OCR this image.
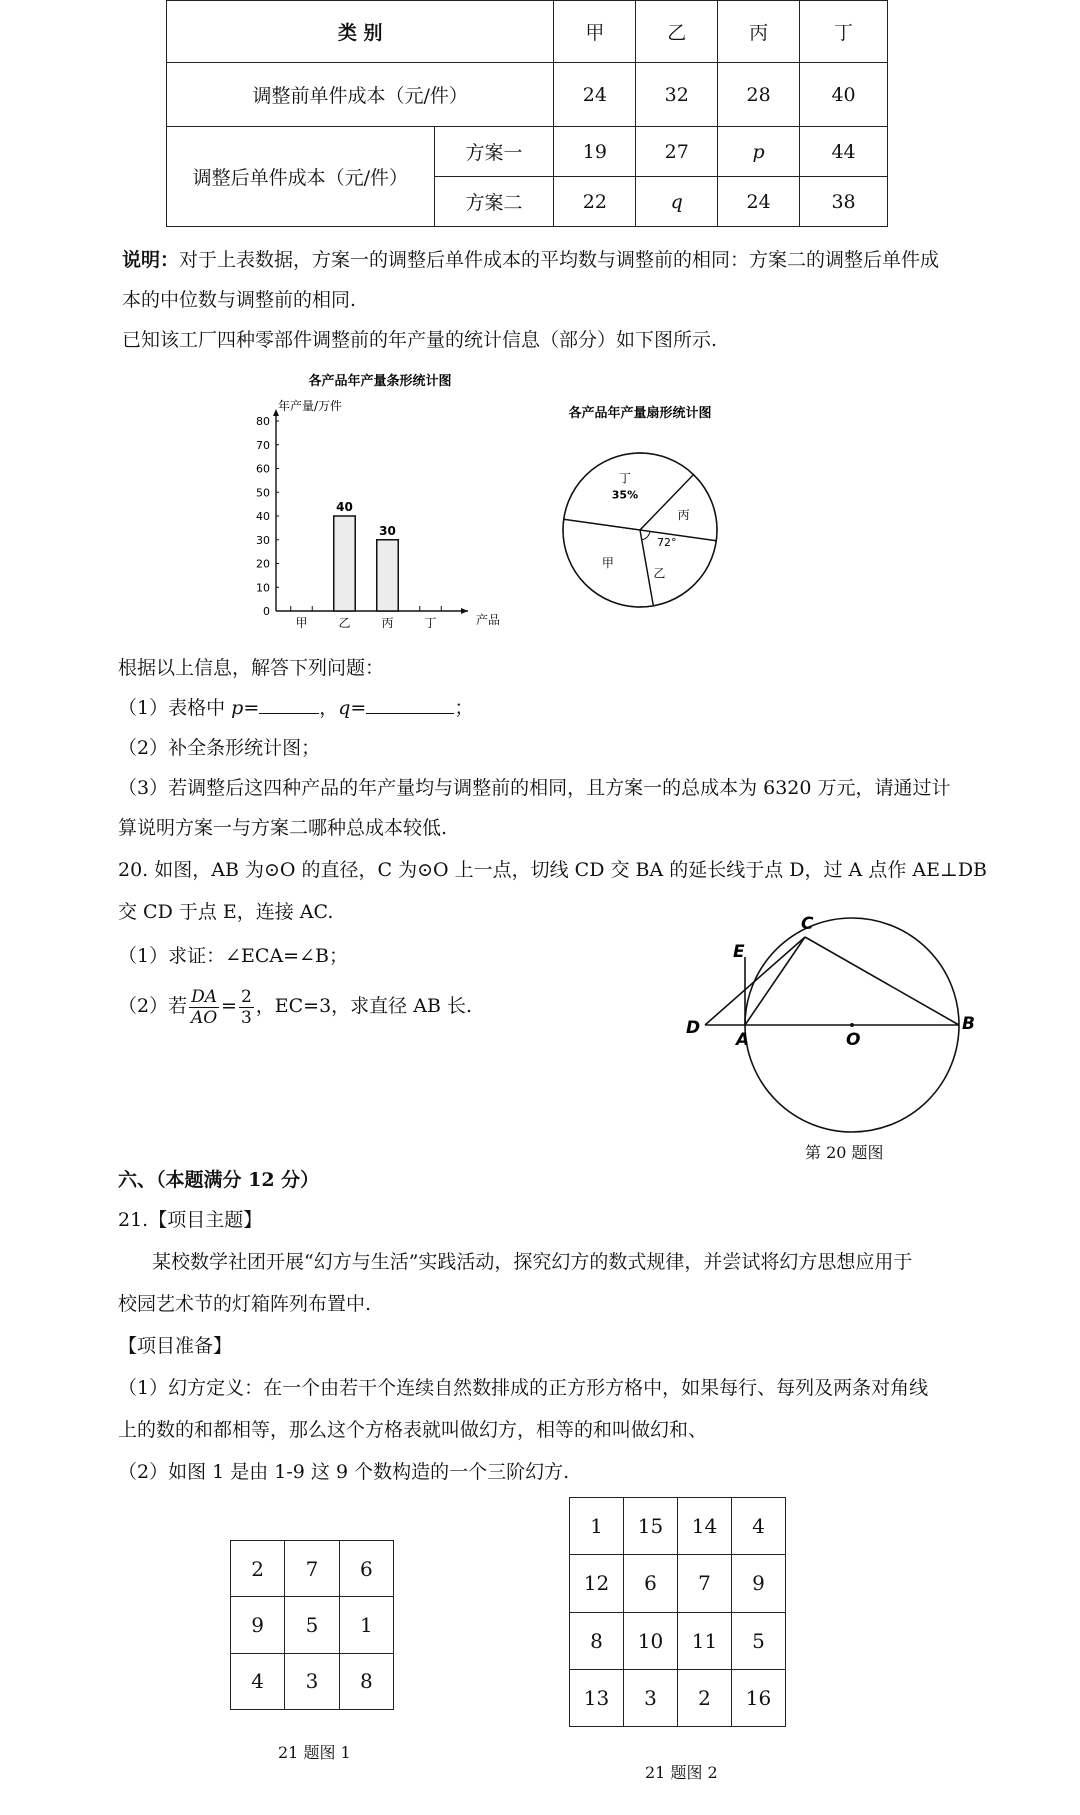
类 别		甲	乙	丙	丁
调整前单件成本（元/件）		24	32	28	40
调整后单件成本（元/件）	方案一	19	27	p	44
	方案二	22	q	24	38
说明：对于上表数据，方案一的调整后单件成本的平均数与调整前的相同：方案二的调整后单件成
本的中位数与调整前的相同.
已知该工厂四种零部件调整前的年产量的统计信息（部分）如下图所示.
各产品年产量条形统计图
年产量/万件
产品
0
10
20
30
40
50
60
70
80
40
30
甲	乙	丙	丁
各产品年产量扇形统计图
丁
35%
丙
乙
72°
甲
根据以上信息，解答下列问题：
（1）表格中 p=	，q=	；
（2）补全条形统计图；
（3）若调整后这四种产品的年产量均与调整前的相同，且方案一的总成本为 6320 万元，请通过计
算说明方案一与方案二哪种总成本较低.
20. 如图，AB 为⊙O 的直径，C 为⊙O 上一点，切线 CD 交 BA 的延长线于点 D，过 A 点作 AE⊥DB
交 CD 于点 E，连接 AC.
（1）求证：∠ECA=∠B；
（2）若 $\frac{DA}{AO} = \frac{2}{3}$ ，EC=3，求直径 AB 长.
C
E
D
A	O
B
第 20 题图
六、（本题满分 12 分）
21.【项目主题】
某校数学社团开展“幻方与生活”实践活动，探究幻方的数式规律，并尝试将幻方思想应用于
校园艺术节的灯箱阵列布置中.
【项目准备】
（1）幻方定义：在一个由若干个连续自然数排成的正方形方格中，如果每行、每列及两条对角线
上的数的和都相等，那么这个方格表就叫做幻方，相等的和叫做幻和、
（2）如图 1 是由 1-9 这 9 个数构造的一个三阶幻方.
2	7	6
9	5	1
4	3	8
21 题图 1
1	15	14	4
12	6	7	9
8	10	11	5
13	3	2	16
21 题图 2
